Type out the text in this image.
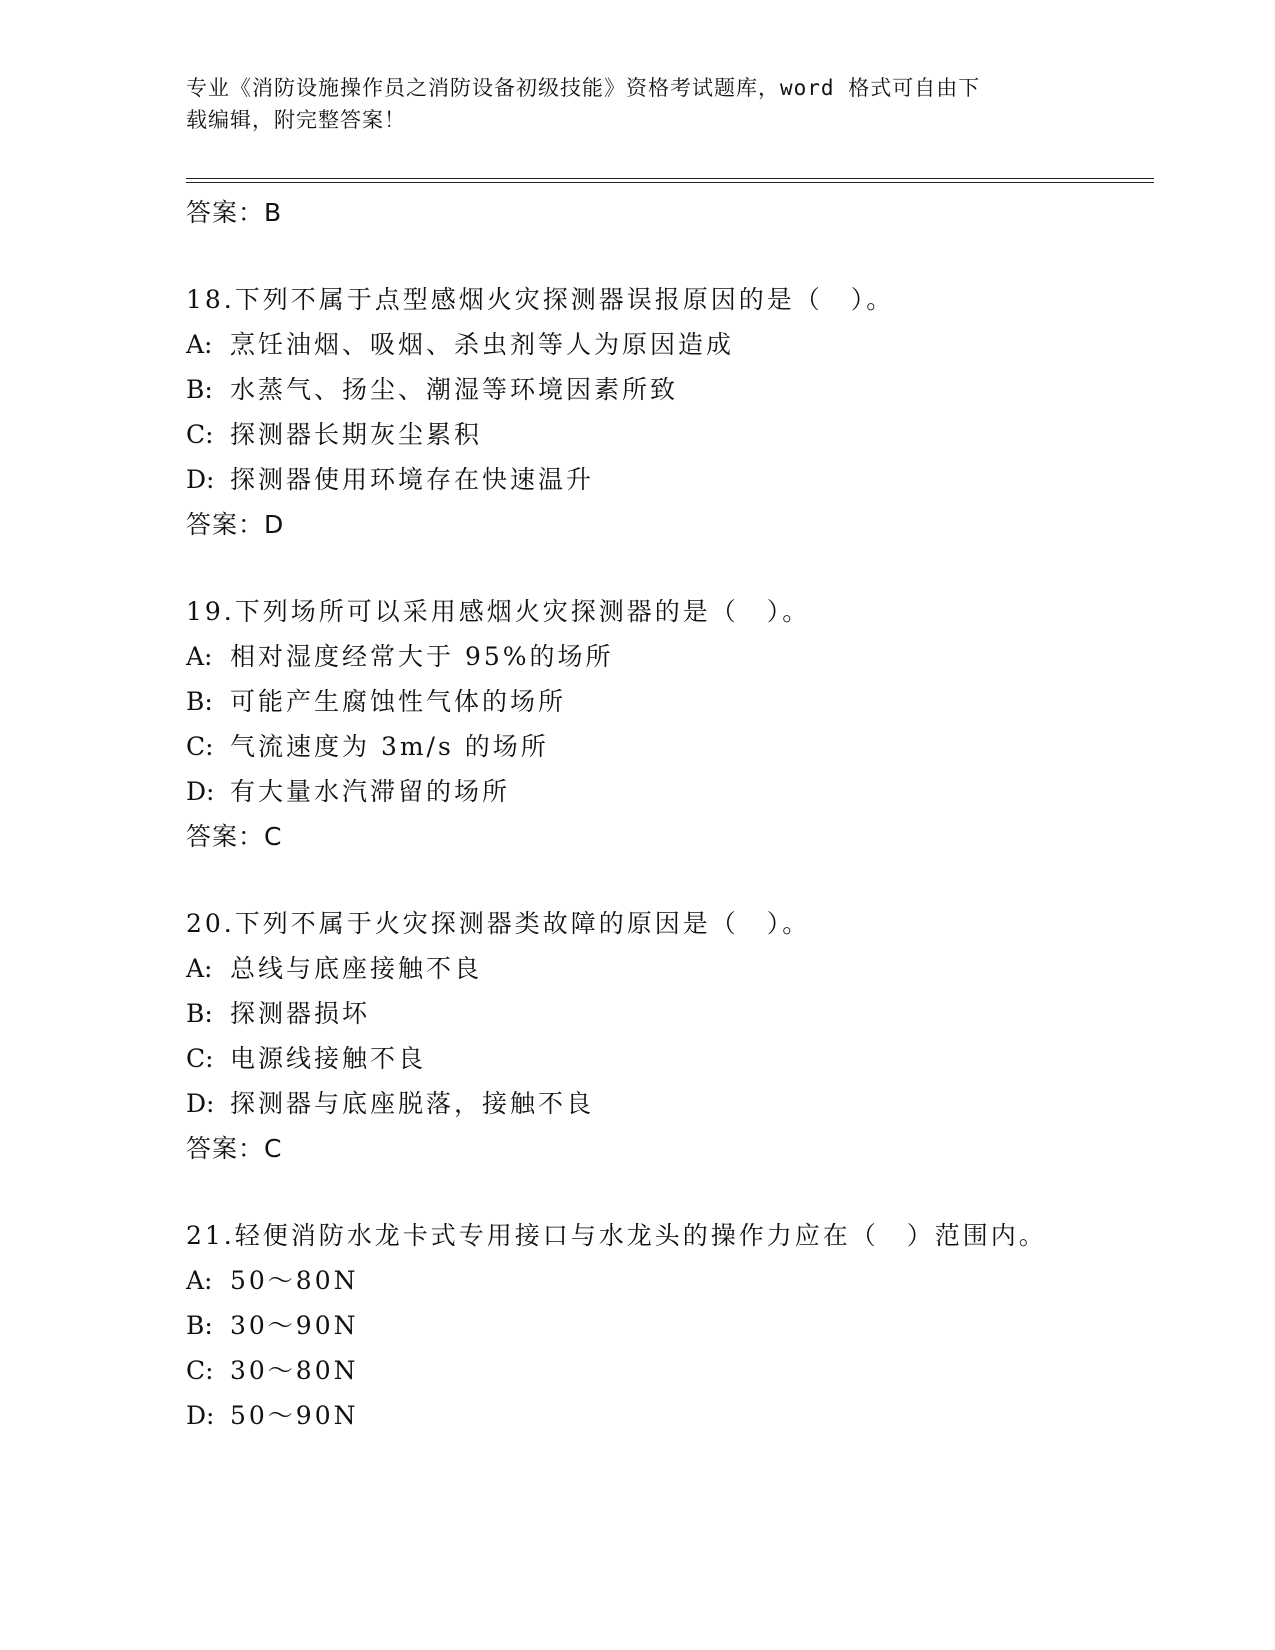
专业《消防设施操作员之消防设备初级技能》资格考试题库，word 格式可自由下
载编辑，附完整答案！
答案：B
18.下列不属于点型感烟火灾探测器误报原因的是（　）。
A: 烹饪油烟、吸烟、杀虫剂等人为原因造成
B: 水蒸气、扬尘、潮湿等环境因素所致
C: 探测器长期灰尘累积
D: 探测器使用环境存在快速温升
答案：D
19.下列场所可以采用感烟火灾探测器的是（　）。
A: 相对湿度经常大于 95%的场所
B: 可能产生腐蚀性气体的场所
C: 气流速度为 3m/s 的场所
D: 有大量水汽滞留的场所
答案：C
20.下列不属于火灾探测器类故障的原因是（　）。
A: 总线与底座接触不良
B: 探测器损坏
C: 电源线接触不良
D: 探测器与底座脱落，接触不良
答案：C
21.轻便消防水龙卡式专用接口与水龙头的操作力应在（　）范围内。
A: 50～80N
B: 30～90N
C: 30～80N
D: 50～90N
